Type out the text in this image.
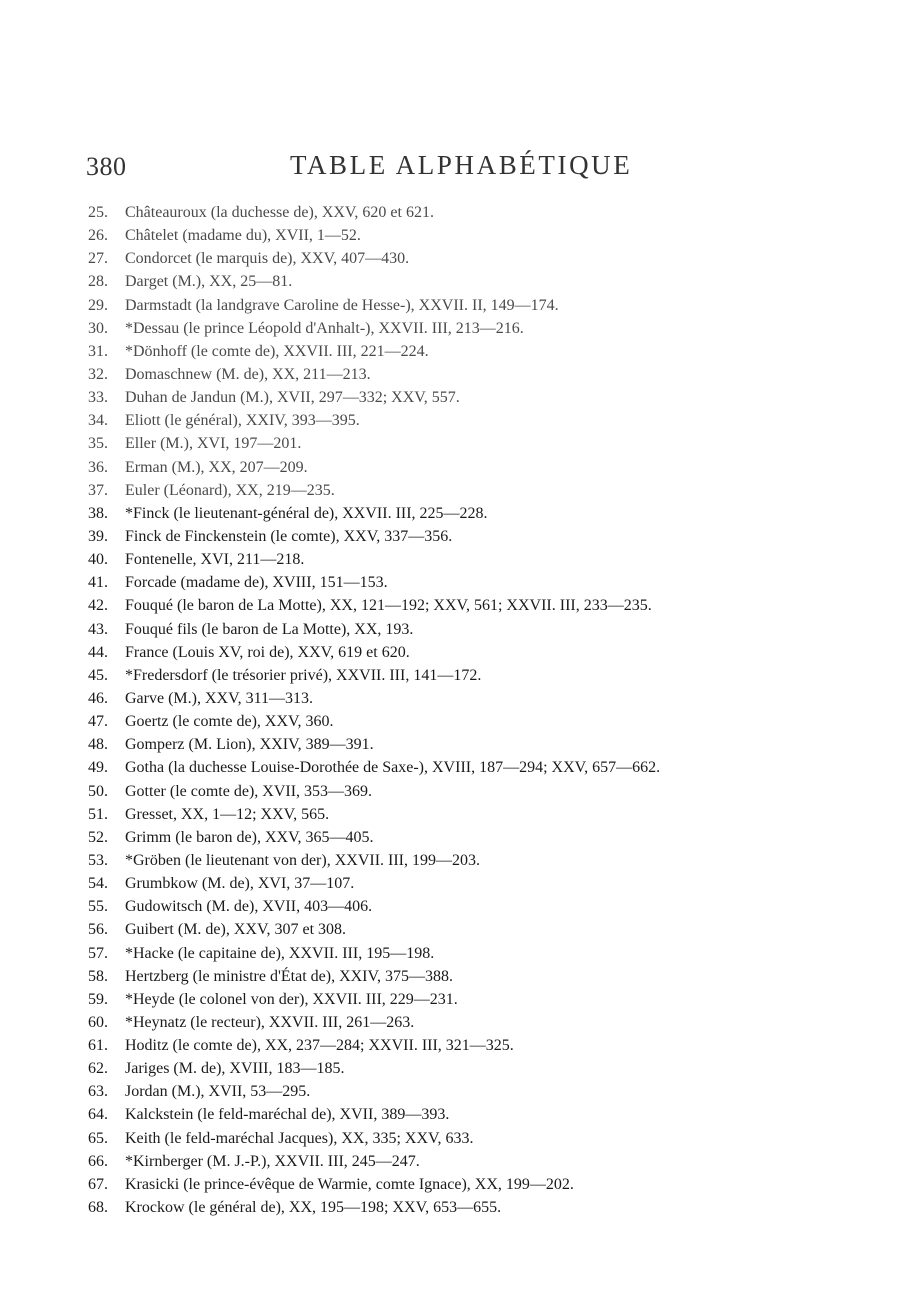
380	TABLE ALPHABÉTIQUE
25.	Châteauroux (la duchesse de), XXV, 620 et 621.
26.	Châtelet (madame du), XVII, 1—52.
27.	Condorcet (le marquis de), XXV, 407—430.
28.	Darget (M.), XX, 25—81.
29.	Darmstadt (la landgrave Caroline de Hesse-), XXVII. II, 149—174.
30.	*Dessau (le prince Léopold d'Anhalt-), XXVII. III, 213—216.
31.	*Dönhoff (le comte de), XXVII. III, 221—224.
32.	Domaschnew (M. de), XX, 211—213.
33.	Duhan de Jandun (M.), XVII, 297—332; XXV, 557.
34.	Eliott (le général), XXIV, 393—395.
35.	Eller (M.), XVI, 197—201.
36.	Erman (M.), XX, 207—209.
37.	Euler (Léonard), XX, 219—235.
38.	*Finck (le lieutenant-général de), XXVII. III, 225—228.
39.	Finck de Finckenstein (le comte), XXV, 337—356.
40.	Fontenelle, XVI, 211—218.
41.	Forcade (madame de), XVIII, 151—153.
42.	Fouqué (le baron de La Motte), XX, 121—192; XXV, 561; XXVII. III, 233—235.
43.	Fouqué fils (le baron de La Motte), XX, 193.
44.	France (Louis XV, roi de), XXV, 619 et 620.
45.	*Fredersdorf (le trésorier privé), XXVII. III, 141—172.
46.	Garve (M.), XXV, 311—313.
47.	Goertz (le comte de), XXV, 360.
48.	Gomperz (M. Lion), XXIV, 389—391.
49.	Gotha (la duchesse Louise-Dorothée de Saxe-), XVIII, 187—294; XXV, 657—662.
50.	Gotter (le comte de), XVII, 353—369.
51.	Gresset, XX, 1—12; XXV, 565.
52.	Grimm (le baron de), XXV, 365—405.
53.	*Gröben (le lieutenant von der), XXVII. III, 199—203.
54.	Grumbkow (M. de), XVI, 37—107.
55.	Gudowitsch (M. de), XVII, 403—406.
56.	Guibert (M. de), XXV, 307 et 308.
57.	*Hacke (le capitaine de), XXVII. III, 195—198.
58.	Hertzberg (le ministre d'État de), XXIV, 375—388.
59.	*Heyde (le colonel von der), XXVII. III, 229—231.
60.	*Heynatz (le recteur), XXVII. III, 261—263.
61.	Hoditz (le comte de), XX, 237—284; XXVII. III, 321—325.
62.	Jariges (M. de), XVIII, 183—185.
63.	Jordan (M.), XVII, 53—295.
64.	Kalckstein (le feld-maréchal de), XVII, 389—393.
65.	Keith (le feld-maréchal Jacques), XX, 335; XXV, 633.
66.	*Kirnberger (M. J.-P.), XXVII. III, 245—247.
67.	Krasicki (le prince-évêque de Warmie, comte Ignace), XX, 199—202.
68.	Krockow (le général de), XX, 195—198; XXV, 653—655.
